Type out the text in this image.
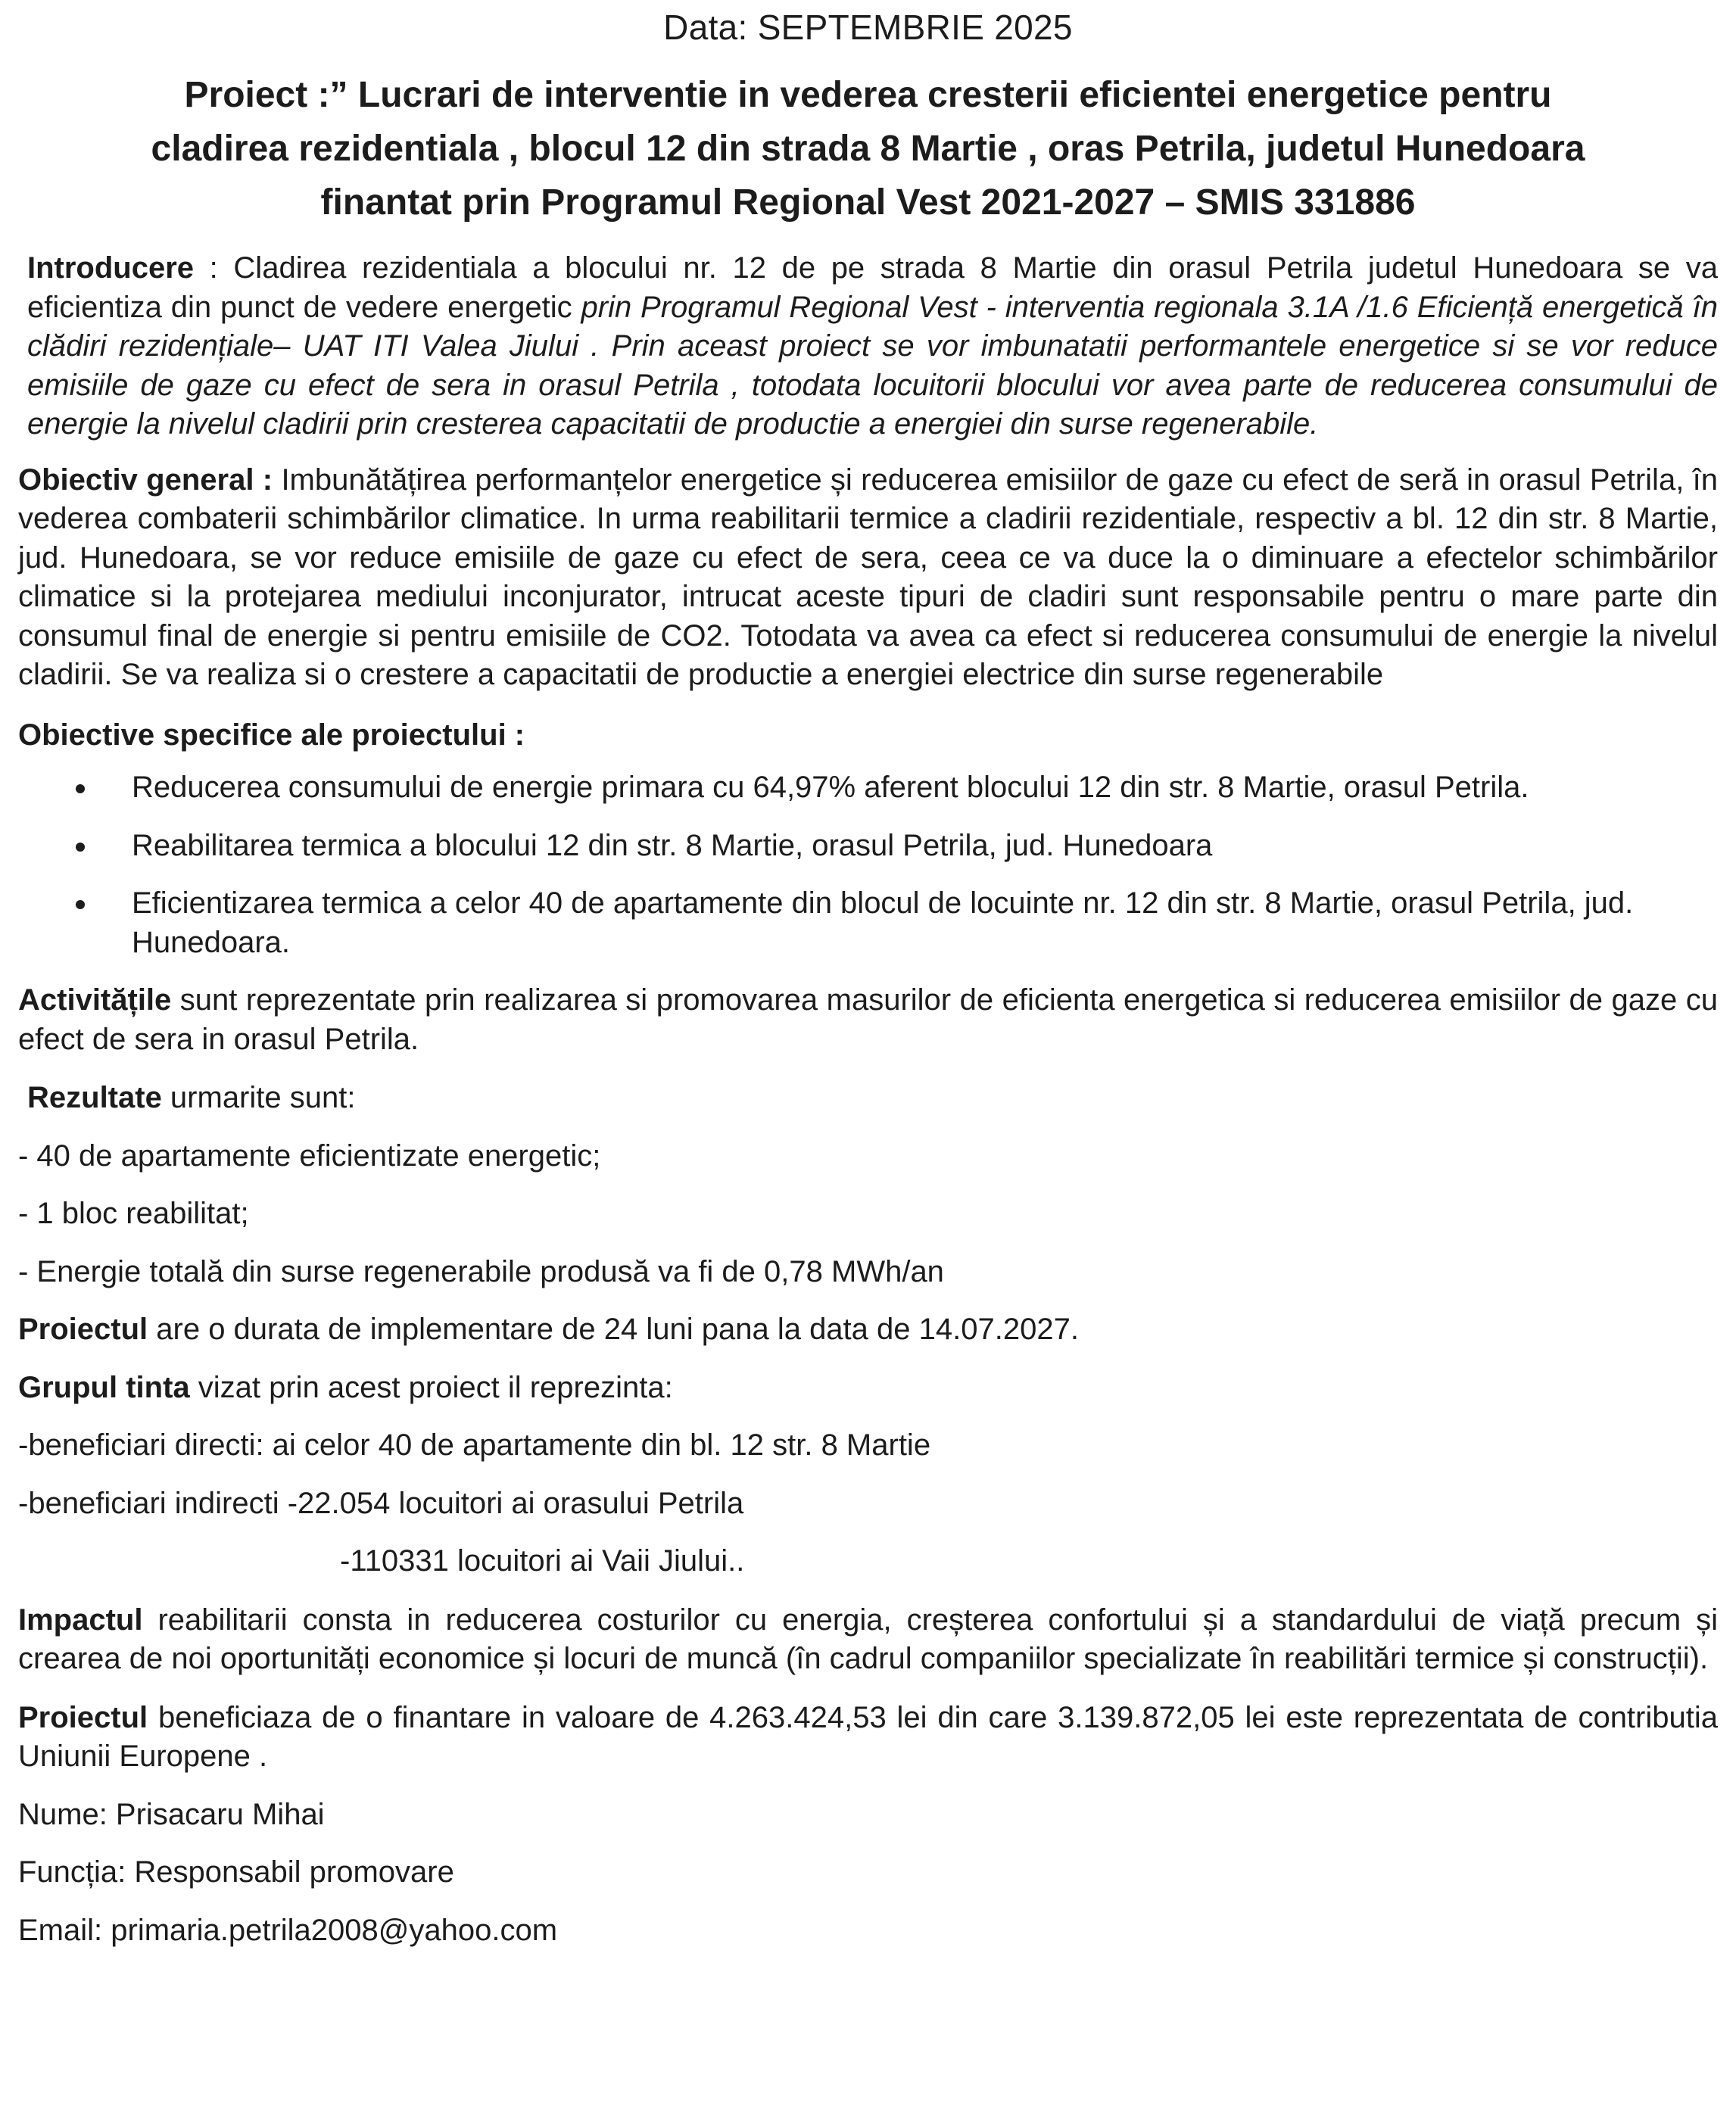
Data: SEPTEMBRIE 2025
Proiect :” Lucrari de interventie in vederea cresterii eficientei energetice pentru
cladirea rezidentiala , blocul 12 din strada 8 Martie , oras Petrila, judetul Hunedoara
finantat prin Programul Regional Vest 2021-2027 – SMIS 331886

Introducere : Cladirea rezidentiala a blocului nr. 12 de pe strada 8 Martie din orasul Petrila judetul Hunedoara se va eficientiza din punct de vedere energetic prin Programul Regional Vest - interventia regionala 3.1A /1.6 Eficiență energetică în clădiri rezidențiale– UAT ITI Valea Jiului . Prin aceast proiect se vor imbunatatii performantele energetice si se vor reduce emisiile de gaze cu efect de sera in orasul Petrila , totodata locuitorii blocului vor avea parte de reducerea consumului de energie la nivelul cladirii prin cresterea capacitatii de productie a energiei din surse regenerabile.

Obiectiv general : Imbunătățirea performanțelor energetice și reducerea emisiilor de gaze cu efect de seră in orasul Petrila, în vederea combaterii schimbărilor climatice. In urma reabilitarii termice a cladirii rezidentiale, respectiv a bl. 12 din str. 8 Martie, jud. Hunedoara, se vor reduce emisiile de gaze cu efect de sera, ceea ce va duce la o diminuare a efectelor schimbărilor climatice si la protejarea mediului inconjurator, intrucat aceste tipuri de cladiri sunt responsabile pentru o mare parte din consumul final de energie si pentru emisiile de CO2. Totodata va avea ca efect si reducerea consumului de energie la nivelul cladirii. Se va realiza si o crestere a capacitatii de productie a energiei electrice din surse regenerabile

Obiective specifice ale proiectului :

Reducerea consumului de energie primara cu 64,97% aferent blocului 12 din str. 8 Martie, orasul Petrila.
Reabilitarea termica a blocului 12 din str. 8 Martie, orasul Petrila, jud. Hunedoara
Eficientizarea termica a celor 40 de apartamente din blocul de locuinte nr. 12 din str. 8 Martie, orasul Petrila, jud. Hunedoara.

Activitățile sunt reprezentate prin realizarea si promovarea masurilor de eficienta energetica si reducerea emisiilor de gaze cu efect de sera in orasul Petrila.

Rezultate urmarite sunt:

- 40 de apartamente eficientizate energetic;

- 1 bloc reabilitat;

- Energie totală din surse regenerabile produsă va fi de 0,78 MWh/an

Proiectul are o durata de implementare de 24 luni pana la data de 14.07.2027.

Grupul tinta vizat prin acest proiect il reprezinta:

-beneficiari directi: ai celor 40 de apartamente din bl. 12 str. 8 Martie

-beneficiari indirecti -22.054 locuitori ai orasului Petrila

-110331 locuitori ai Vaii Jiului..

Impactul reabilitarii consta in reducerea costurilor cu energia, creșterea confortului și a standardului de viață precum și crearea de noi oportunități economice și locuri de muncă (în cadrul companiilor specializate în reabilitări termice și construcții).

Proiectul beneficiaza de o finantare in valoare de 4.263.424,53 lei din care 3.139.872,05 lei este reprezentata de contributia Uniunii Europene .

Nume: Prisacaru Mihai

Funcția: Responsabil promovare

Email: primaria.petrila2008@yahoo.com
